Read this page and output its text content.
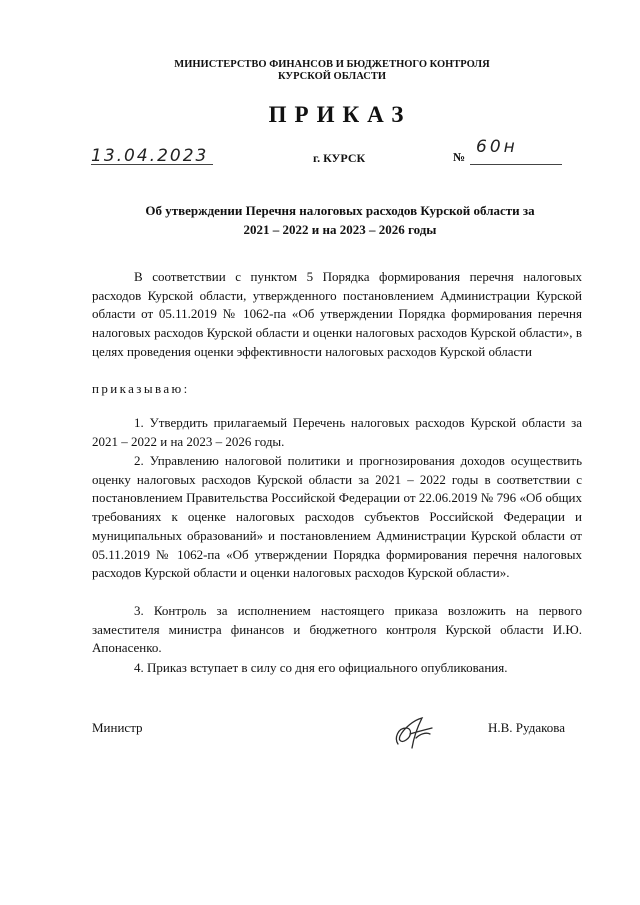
МИНИСТЕРСТВО ФИНАНСОВ И БЮДЖЕТНОГО КОНТРОЛЯ
КУРСКОЙ ОБЛАСТИ
ПРИКАЗ
13.04.2023	г. КУРСК	№ 60н
Об утверждении Перечня налоговых расходов Курской области за
2021 – 2022 и на 2023 – 2026 годы
В соответствии с пунктом 5 Порядка формирования перечня налоговых расходов Курской области, утвержденного постановлением Администрации Курской области от 05.11.2019 № 1062-па «Об утверждении Порядка формирования перечня налоговых расходов Курской области и оценки налоговых расходов Курской области», в целях проведения оценки эффективности налоговых расходов Курской области
приказываю:
1. Утвердить прилагаемый Перечень налоговых расходов Курской области за 2021 – 2022 и на 2023 – 2026 годы.
2. Управлению налоговой политики и прогнозирования доходов осуществить оценку налоговых расходов Курской области за 2021 – 2022 годы в соответствии с постановлением Правительства Российской Федерации от 22.06.2019 № 796 «Об общих требованиях к оценке налоговых расходов субъектов Российской Федерации и муниципальных образований» и постановлением Администрации Курской области от 05.11.2019 № 1062-па «Об утверждении Порядка формирования перечня налоговых расходов Курской области и оценки налоговых расходов Курской области».
3. Контроль за исполнением настоящего приказа возложить на первого заместителя министра финансов и бюджетного контроля Курской области И.Ю. Апонасенко.
4. Приказ вступает в силу со дня его официального опубликования.
Министр	Н.В. Рудакова
